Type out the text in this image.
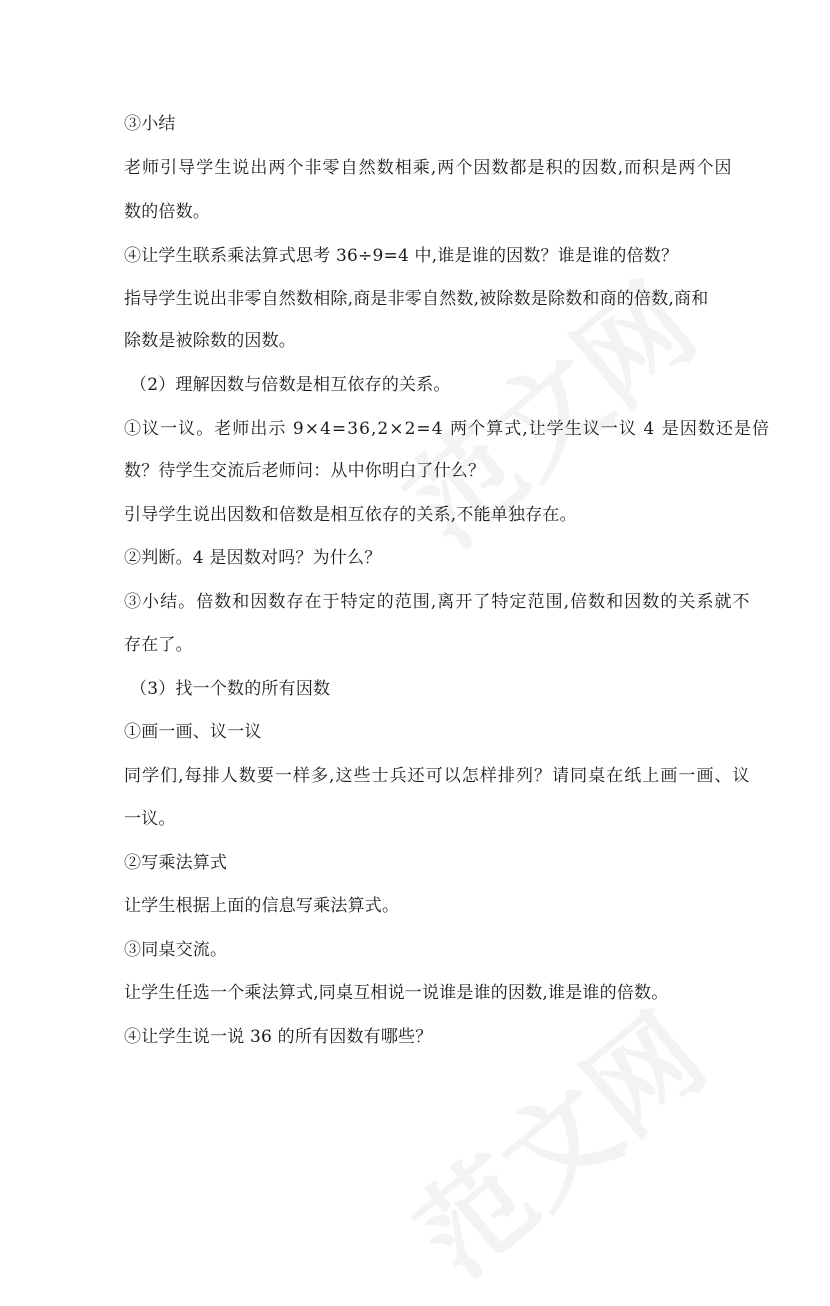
③小结
老师引导学生说出两个非零自然数相乘,两个因数都是积的因数,而积是两个因
数的倍数。
④让学生联系乘法算式思考 36÷9=4 中,谁是谁的因数？谁是谁的倍数？
指导学生说出非零自然数相除,商是非零自然数,被除数是除数和商的倍数,商和
除数是被除数的因数。
（2）理解因数与倍数是相互依存的关系。
①议一议。老师出示 9×4=36,2×2=4 两个算式,让学生议一议 4 是因数还是倍
数？待学生交流后老师问：从中你明白了什么？
引导学生说出因数和倍数是相互依存的关系,不能单独存在。
②判断。4 是因数对吗？为什么？
③小结。倍数和因数存在于特定的范围,离开了特定范围,倍数和因数的关系就不
存在了。
（3）找一个数的所有因数
①画一画、议一议
同学们,每排人数要一样多,这些士兵还可以怎样排列？请同桌在纸上画一画、议
一议。
②写乘法算式
让学生根据上面的信息写乘法算式。
③同桌交流。
让学生任选一个乘法算式,同桌互相说一说谁是谁的因数,谁是谁的倍数。
④让学生说一说 36 的所有因数有哪些？
